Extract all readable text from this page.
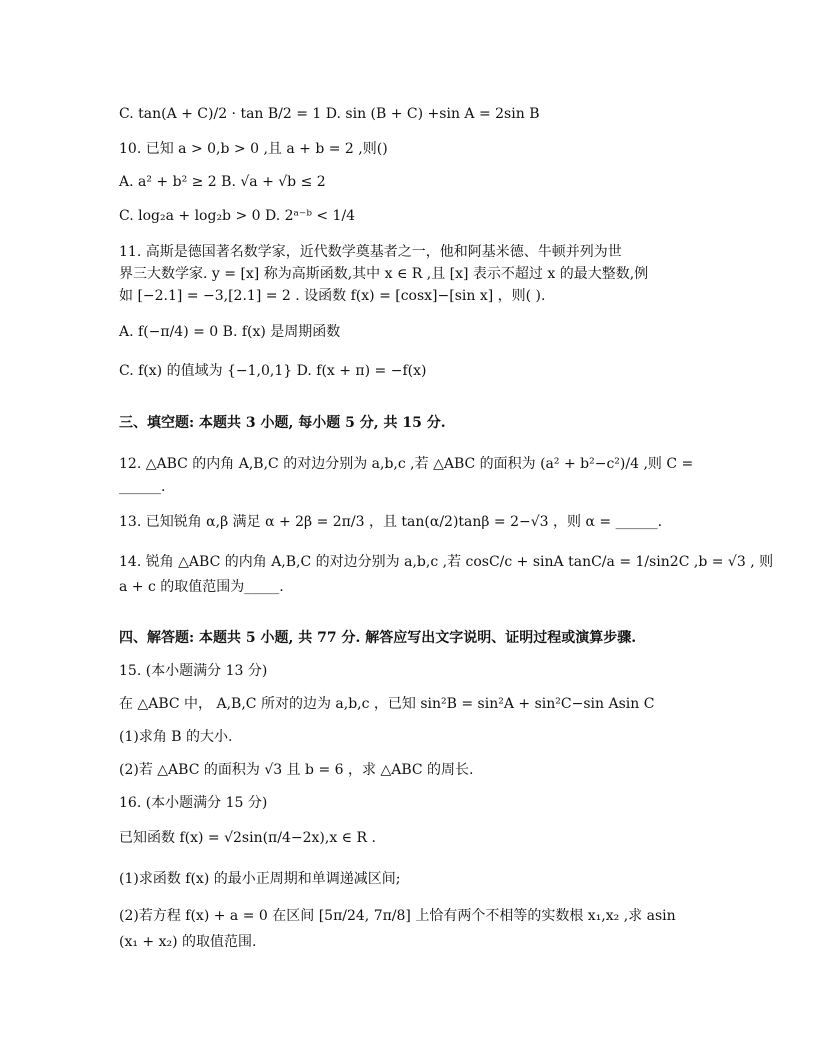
C. tan(A + C)/2 · tan B/2 = 1 D. sin (B + C) +sin A = 2sin B
10. 已知 a > 0,b > 0 ,且 a + b = 2 ,则()
A. a² + b² ≥ 2 B. √a + √b ≤ 2
C. log₂a + log₂b > 0 D. 2ᵃ⁻ᵇ < 1/4
11. 高斯是德国著名数学家，近代数学奠基者之一，他和阿基米德、牛顿并列为世
界三大数学家. y = [x] 称为高斯函数,其中 x ∈ R ,且 [x] 表示不超过 x 的最大整数,例
如 [−2.1] = −3,[2.1] = 2 . 设函数 f(x) = [cosx]−[sin x] ，则( ).
A. f(−π/4) = 0 B. f(x) 是周期函数
C. f(x) 的值域为 {−1,0,1} D. f(x + π) = −f(x)
三、填空题: 本题共 3 小题, 每小题 5 分, 共 15 分.
12. △ABC 的内角 A,B,C 的对边分别为 a,b,c ,若 △ABC 的面积为 (a² + b²−c²)/4 ,则 C =
______.
13. 已知锐角 α,β 满足 α + 2β = 2π/3 ，且 tan(α/2)tanβ = 2−√3 ，则 α = ______.
14. 锐角 △ABC 的内角 A,B,C 的对边分别为 a,b,c ,若 cosC/c + sinA tanC/a = 1/sin2C ,b = √3 , 则
a + c 的取值范围为_____.
四、解答题: 本题共 5 小题, 共 77 分. 解答应写出文字说明、证明过程或演算步骤.
15. (本小题满分 13 分)
在 △ABC 中， A,B,C 所对的边为 a,b,c ，已知 sin²B = sin²A + sin²C−sin Asin C
(1)求角 B 的大小.
(2)若 △ABC 的面积为 √3 且 b = 6 ，求 △ABC 的周长.
16. (本小题满分 15 分)
已知函数 f(x) = √2sin(π/4−2x),x ∈ R .
(1)求函数 f(x) 的最小正周期和单调递减区间;
(2)若方程 f(x) + a = 0 在区间 [5π/24, 7π/8] 上恰有两个不相等的实数根 x₁,x₂ ,求 asin
(x₁ + x₂) 的取值范围.
